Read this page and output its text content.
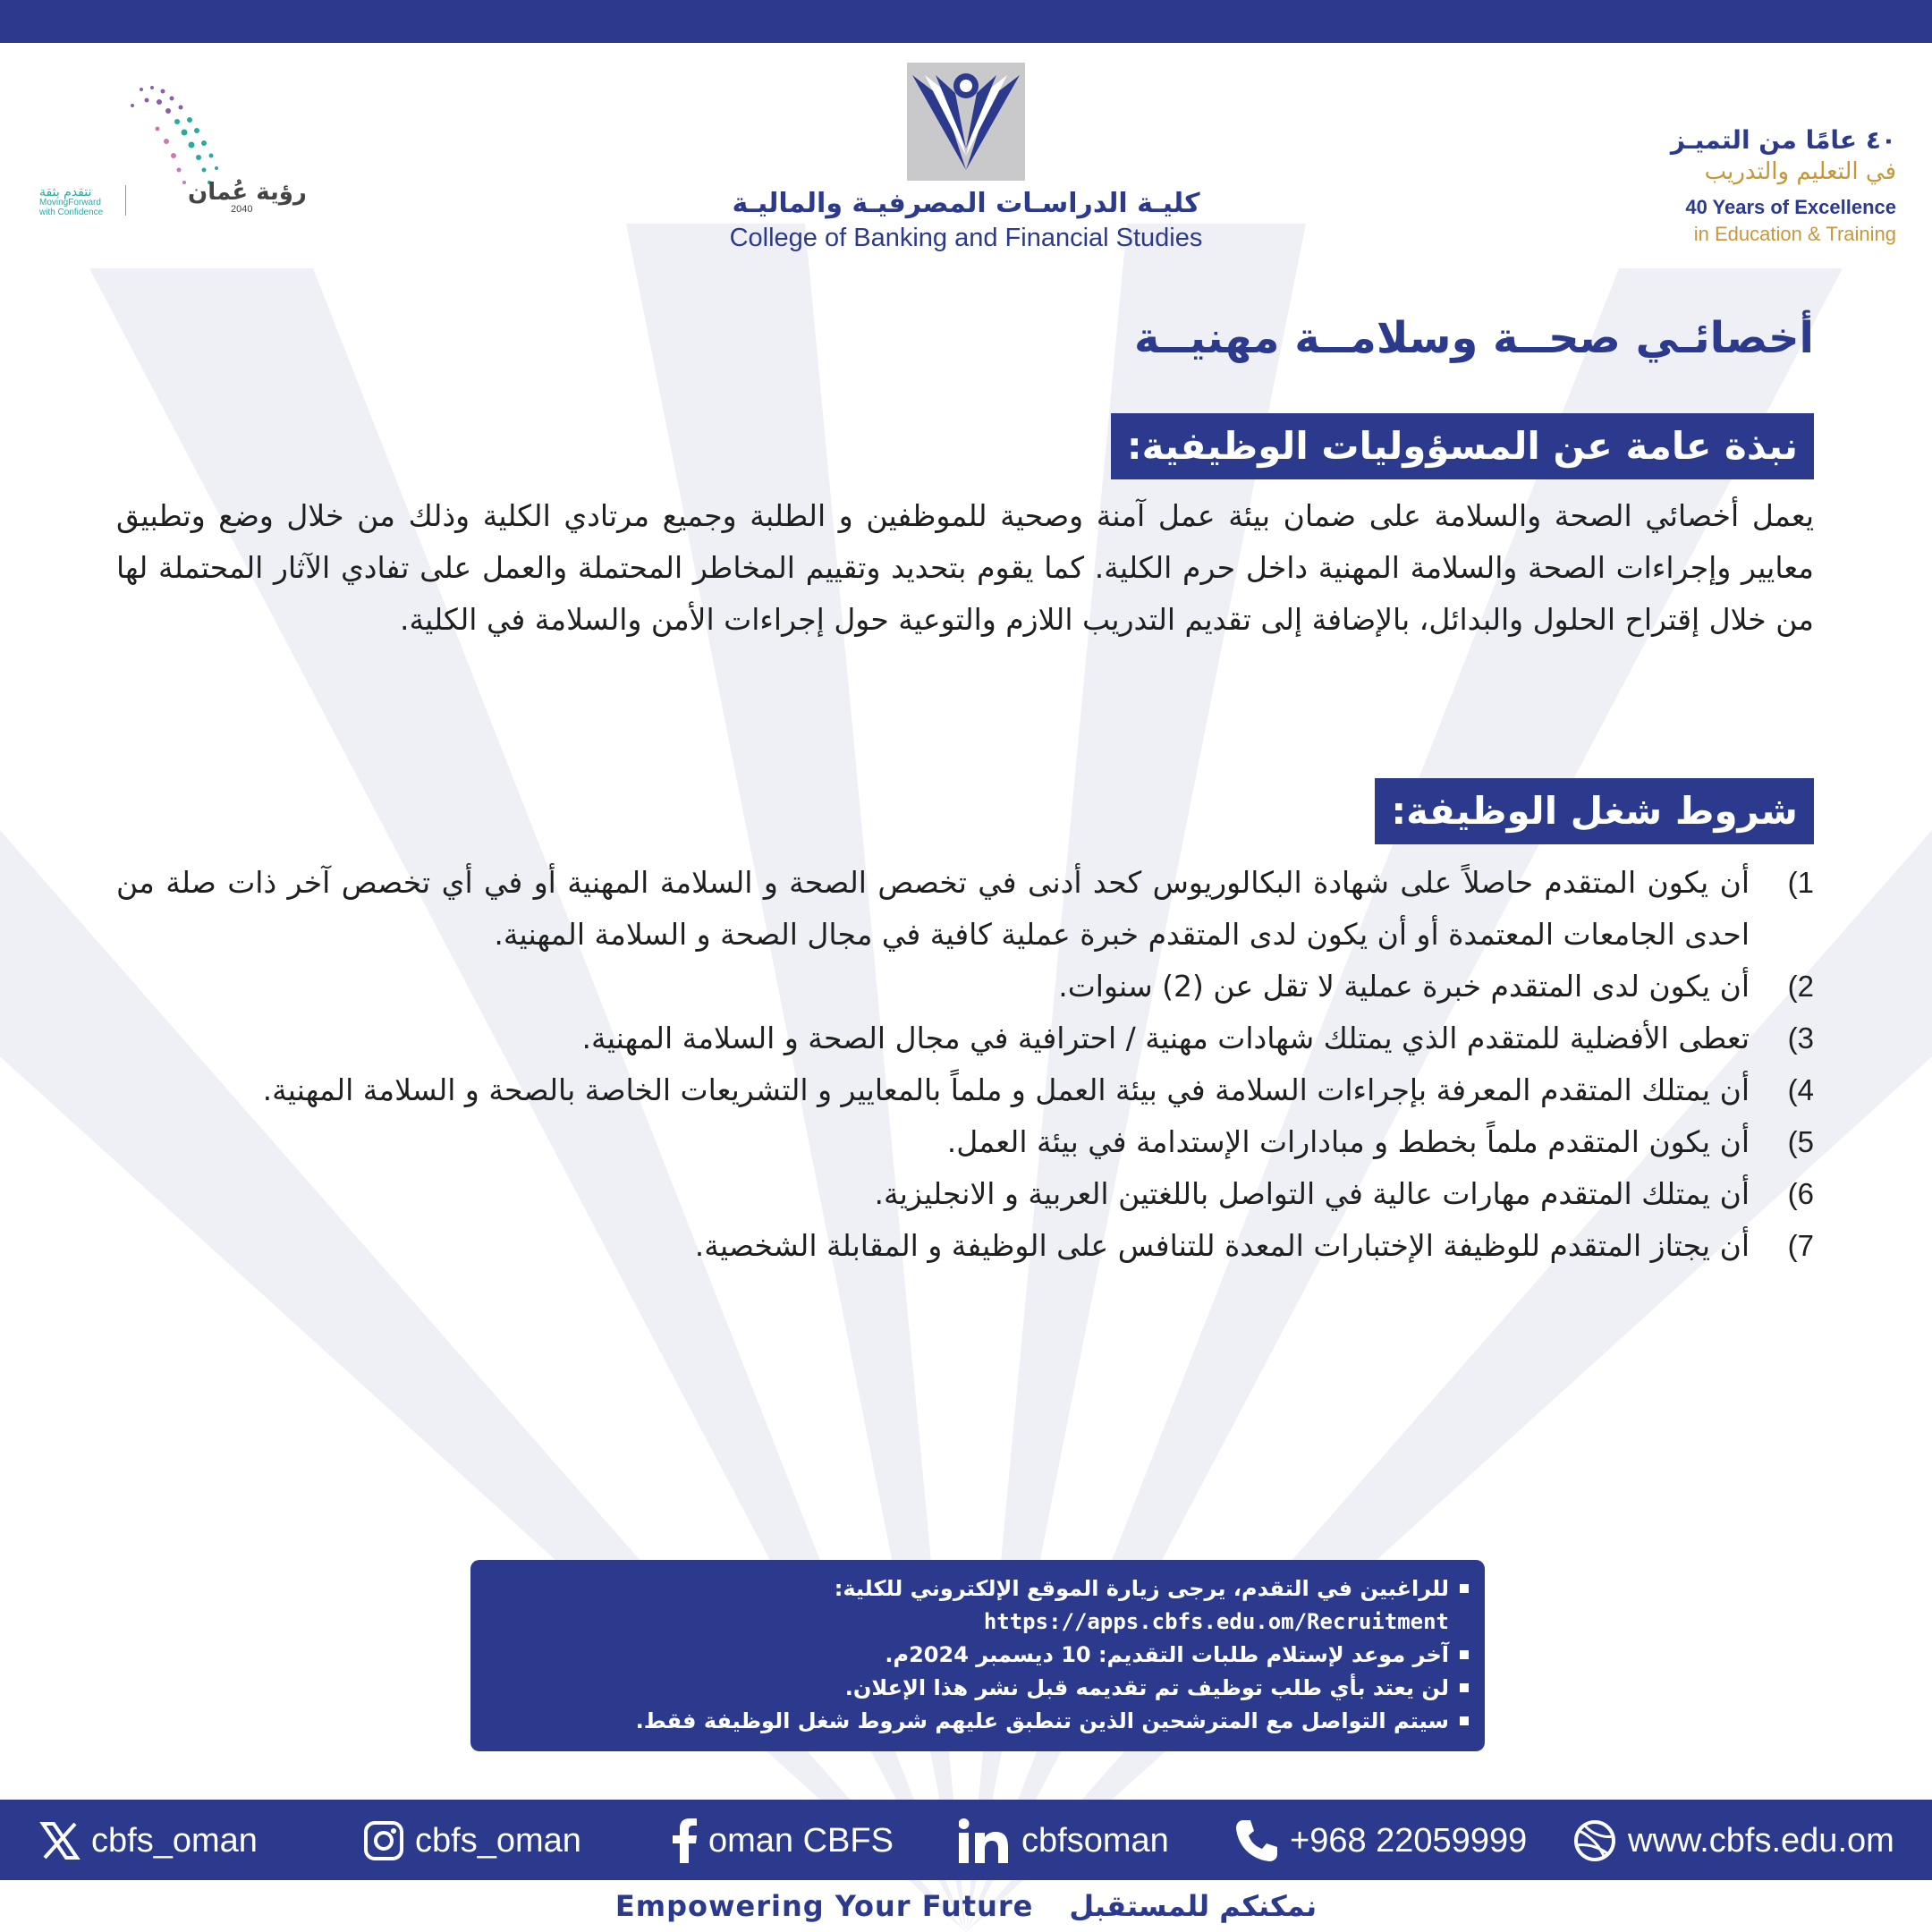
كليـة الدراسـات المصرفيـة والماليـة
College of Banking and Financial Studies
٤٠ عامًا من التميـز
في التعليم والتدريب
40 Years of Excellence
in Education & Training
رؤية عُمان
2040
نتقدم بثقة
MovingForward
with Confidence
أخصائـي صحــة وسلامــة مهنيــة
نبذة عامة عن المسؤوليات الوظيفية:
يعمل أخصائي الصحة والسلامة على ضمان بيئة عمل آمنة وصحية للموظفين و الطلبة وجميع مرتادي الكلية وذلك من خلال وضع وتطبيق معايير وإجراءات الصحة والسلامة المهنية داخل حرم الكلية. كما يقوم بتحديد وتقييم المخاطر المحتملة والعمل على تفادي الآثار المحتملة لها من خلال إقتراح الحلول والبدائل، بالإضافة إلى تقديم التدريب اللازم والتوعية حول إجراءات الأمن والسلامة في الكلية.
شروط شغل الوظيفة:
1)
أن يكون المتقدم حاصلاً على شهادة البكالوريوس كحد أدنى في تخصص الصحة و السلامة المهنية أو في أي تخصص آخر ذات صلة من احدى الجامعات المعتمدة أو أن يكون لدى المتقدم خبرة عملية كافية في مجال الصحة و السلامة المهنية.
2)
أن يكون لدى المتقدم خبرة عملية لا تقل عن (2) سنوات.
3)
تعطى الأفضلية للمتقدم الذي يمتلك شهادات مهنية / احترافية في مجال الصحة و السلامة المهنية.
4)
أن يمتلك المتقدم المعرفة بإجراءات السلامة في بيئة العمل و ملماً بالمعايير و التشريعات الخاصة بالصحة و السلامة المهنية.
5)
أن يكون المتقدم ملماً بخطط و مبادارات الإستدامة في بيئة العمل.
6)
أن يمتلك المتقدم مهارات عالية في التواصل باللغتين العربية و الانجليزية.
7)
أن يجتاز المتقدم للوظيفة الإختبارات المعدة للتنافس على الوظيفة و المقابلة الشخصية.
للراغبين في التقدم، يرجى زيارة الموقع الإلكتروني للكلية:
https://apps.cbfs.edu.om/Recruitment
آخر موعد لإستلام طلبات التقديم: 10 ديسمبر 2024م.
لن يعتد بأي طلب توظيف تم تقديمه قبل نشر هذا الإعلان.
سيتم التواصل مع المترشحين الذين تنطبق عليهم شروط شغل الوظيفة فقط.
cbfs_oman	cbfs_oman	oman CBFS	cbfsoman	+968 22059999	www.cbfs.edu.om
Empowering Your Future نمكنكم للمستقبل
